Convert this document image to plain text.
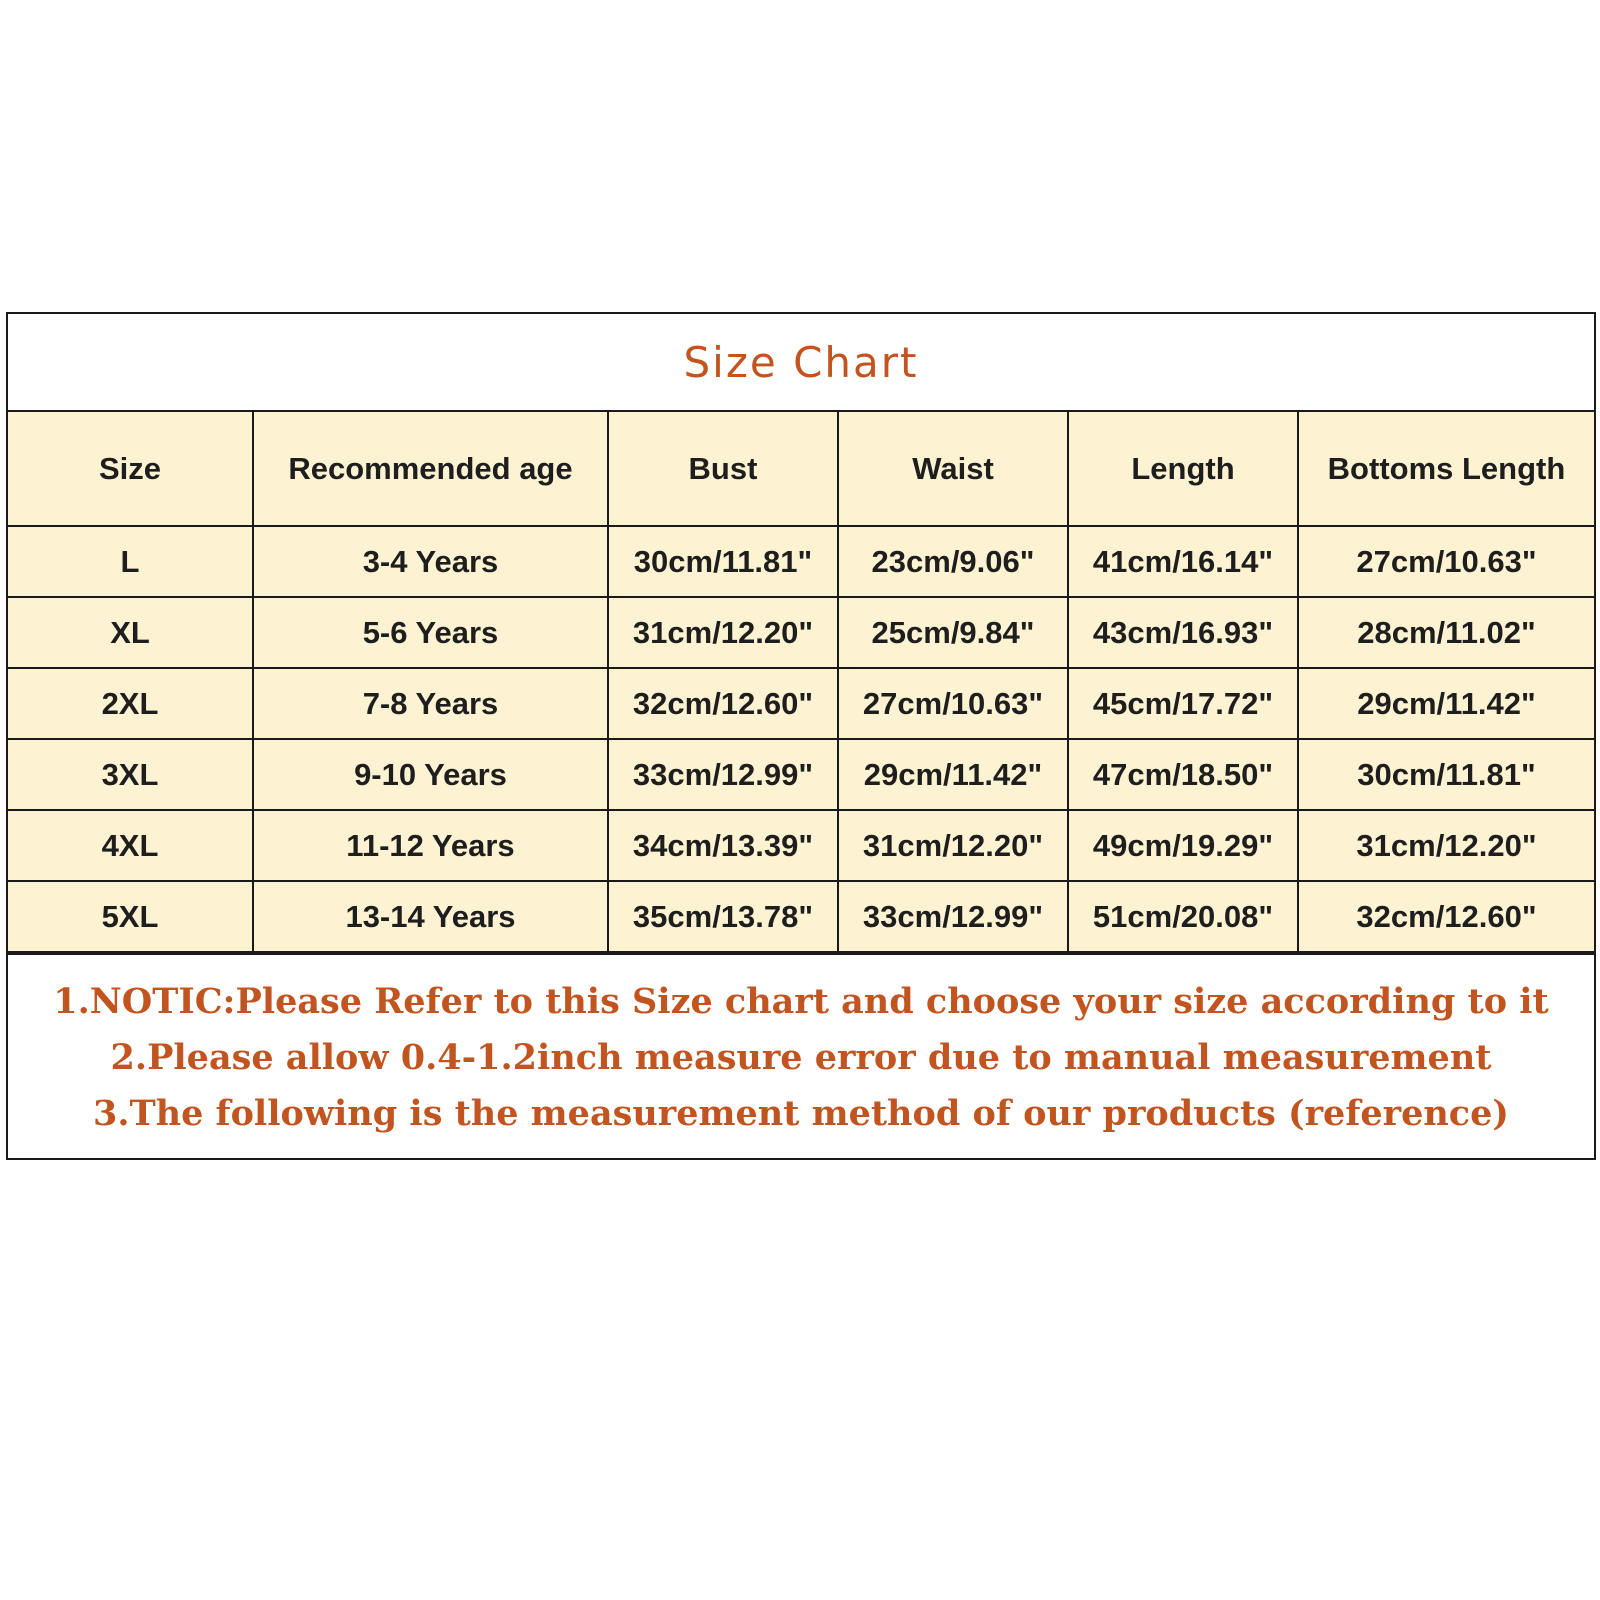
Size Chart
Size	Recommended age	Bust	Waist	Length	Bottoms Length
L	3-4 Years	30cm/11.81"	23cm/9.06"	41cm/16.14"	27cm/10.63"
XL	5-6 Years	31cm/12.20"	25cm/9.84"	43cm/16.93"	28cm/11.02"
2XL	7-8 Years	32cm/12.60"	27cm/10.63"	45cm/17.72"	29cm/11.42"
3XL	9-10 Years	33cm/12.99"	29cm/11.42"	47cm/18.50"	30cm/11.81"
4XL	11-12 Years	34cm/13.39"	31cm/12.20"	49cm/19.29"	31cm/12.20"
5XL	13-14 Years	35cm/13.78"	33cm/12.99"	51cm/20.08"	32cm/12.60"
1.NOTIC:Please Refer to this Size chart and choose your size according to it
2.Please allow 0.4-1.2inch measure error due to manual measurement
3.The following is the measurement method of our products (reference)
